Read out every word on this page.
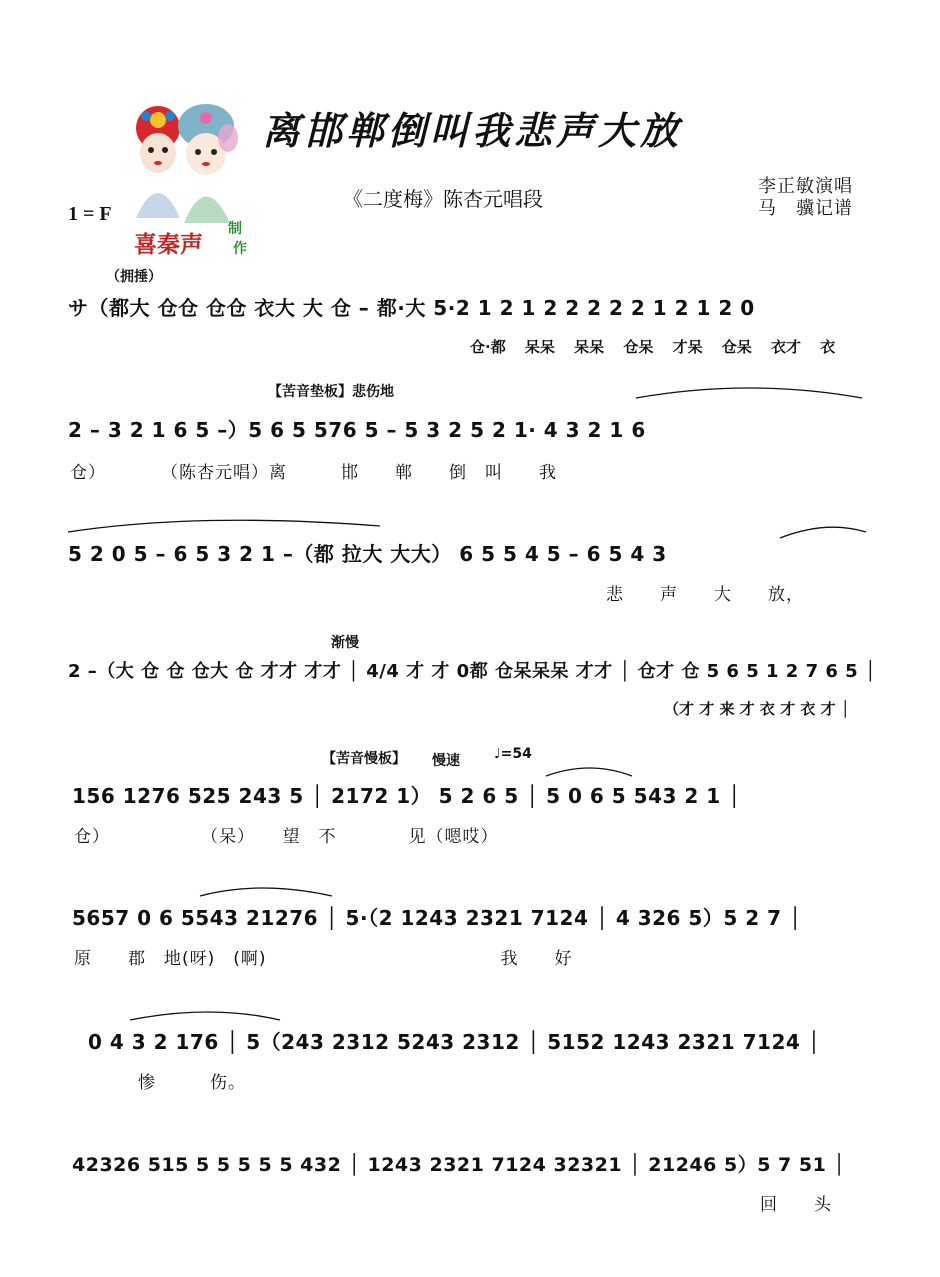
喜秦声
制
作
离邯郸倒叫我悲声大放
《二度梅》陈杏元唱段
李正敏演唱
马　骥记谱
1 = F
（拥捶）
サ（都大 仓仓 仓仓 衣大 大 仓 – 都·大 5·2 1 2 1 2 2 2 2 2 1 2 1 2 0
仓·都 呆呆 呆呆 仓呆 才呆 仓呆 衣才 衣
【苦音垫板】悲伤地
2 – 3 2 1 6 5 –）5 6 5 576 5 – 5 3 2 5 2 1· 4 3 2 1 6
仓）　　　　（陈杏元唱）离　　　邯　　郸　　倒　叫　　我
5 2 0 5 – 6 5 3 2 1 –（都 拉大 大大） 6 5 5 4 5 – 6 5 4 3
悲　　声　　大　　放，
渐慢
2 –（大 仓 仓 仓大 仓 才才 才才 │ 4/4 才 才 0都 仓呆呆呆 才才 │ 仓才 仓 5 6 5 1 2 7 6 5 │
（才 才 来 才 衣 才 衣 才 │
【苦音慢板】 慢速 ♩=54
156 1276 525 243 5 │ 2172 1） 5 2 6 5 │ 5 0 6 5 543 2 1 │
仓）　　　　　　（呆）　　望　不　　　　见（嗯哎）
5657 0 6 5543 21276 │ 5·（2 1243 2321 7124 │ 4 326 5）5 2 7 │
原　　郡　地(呀)　(啊)　　　　　　　　　　　　　我　　好
0 4 3 2 176 │ 5（243 2312 5243 2312 │ 5152 1243 2321 7124 │
惨　　　伤。
42326 515 5 5 5 5 5 432 │ 1243 2321 7124 32321 │ 21246 5）5 7 51 │
回　　头
